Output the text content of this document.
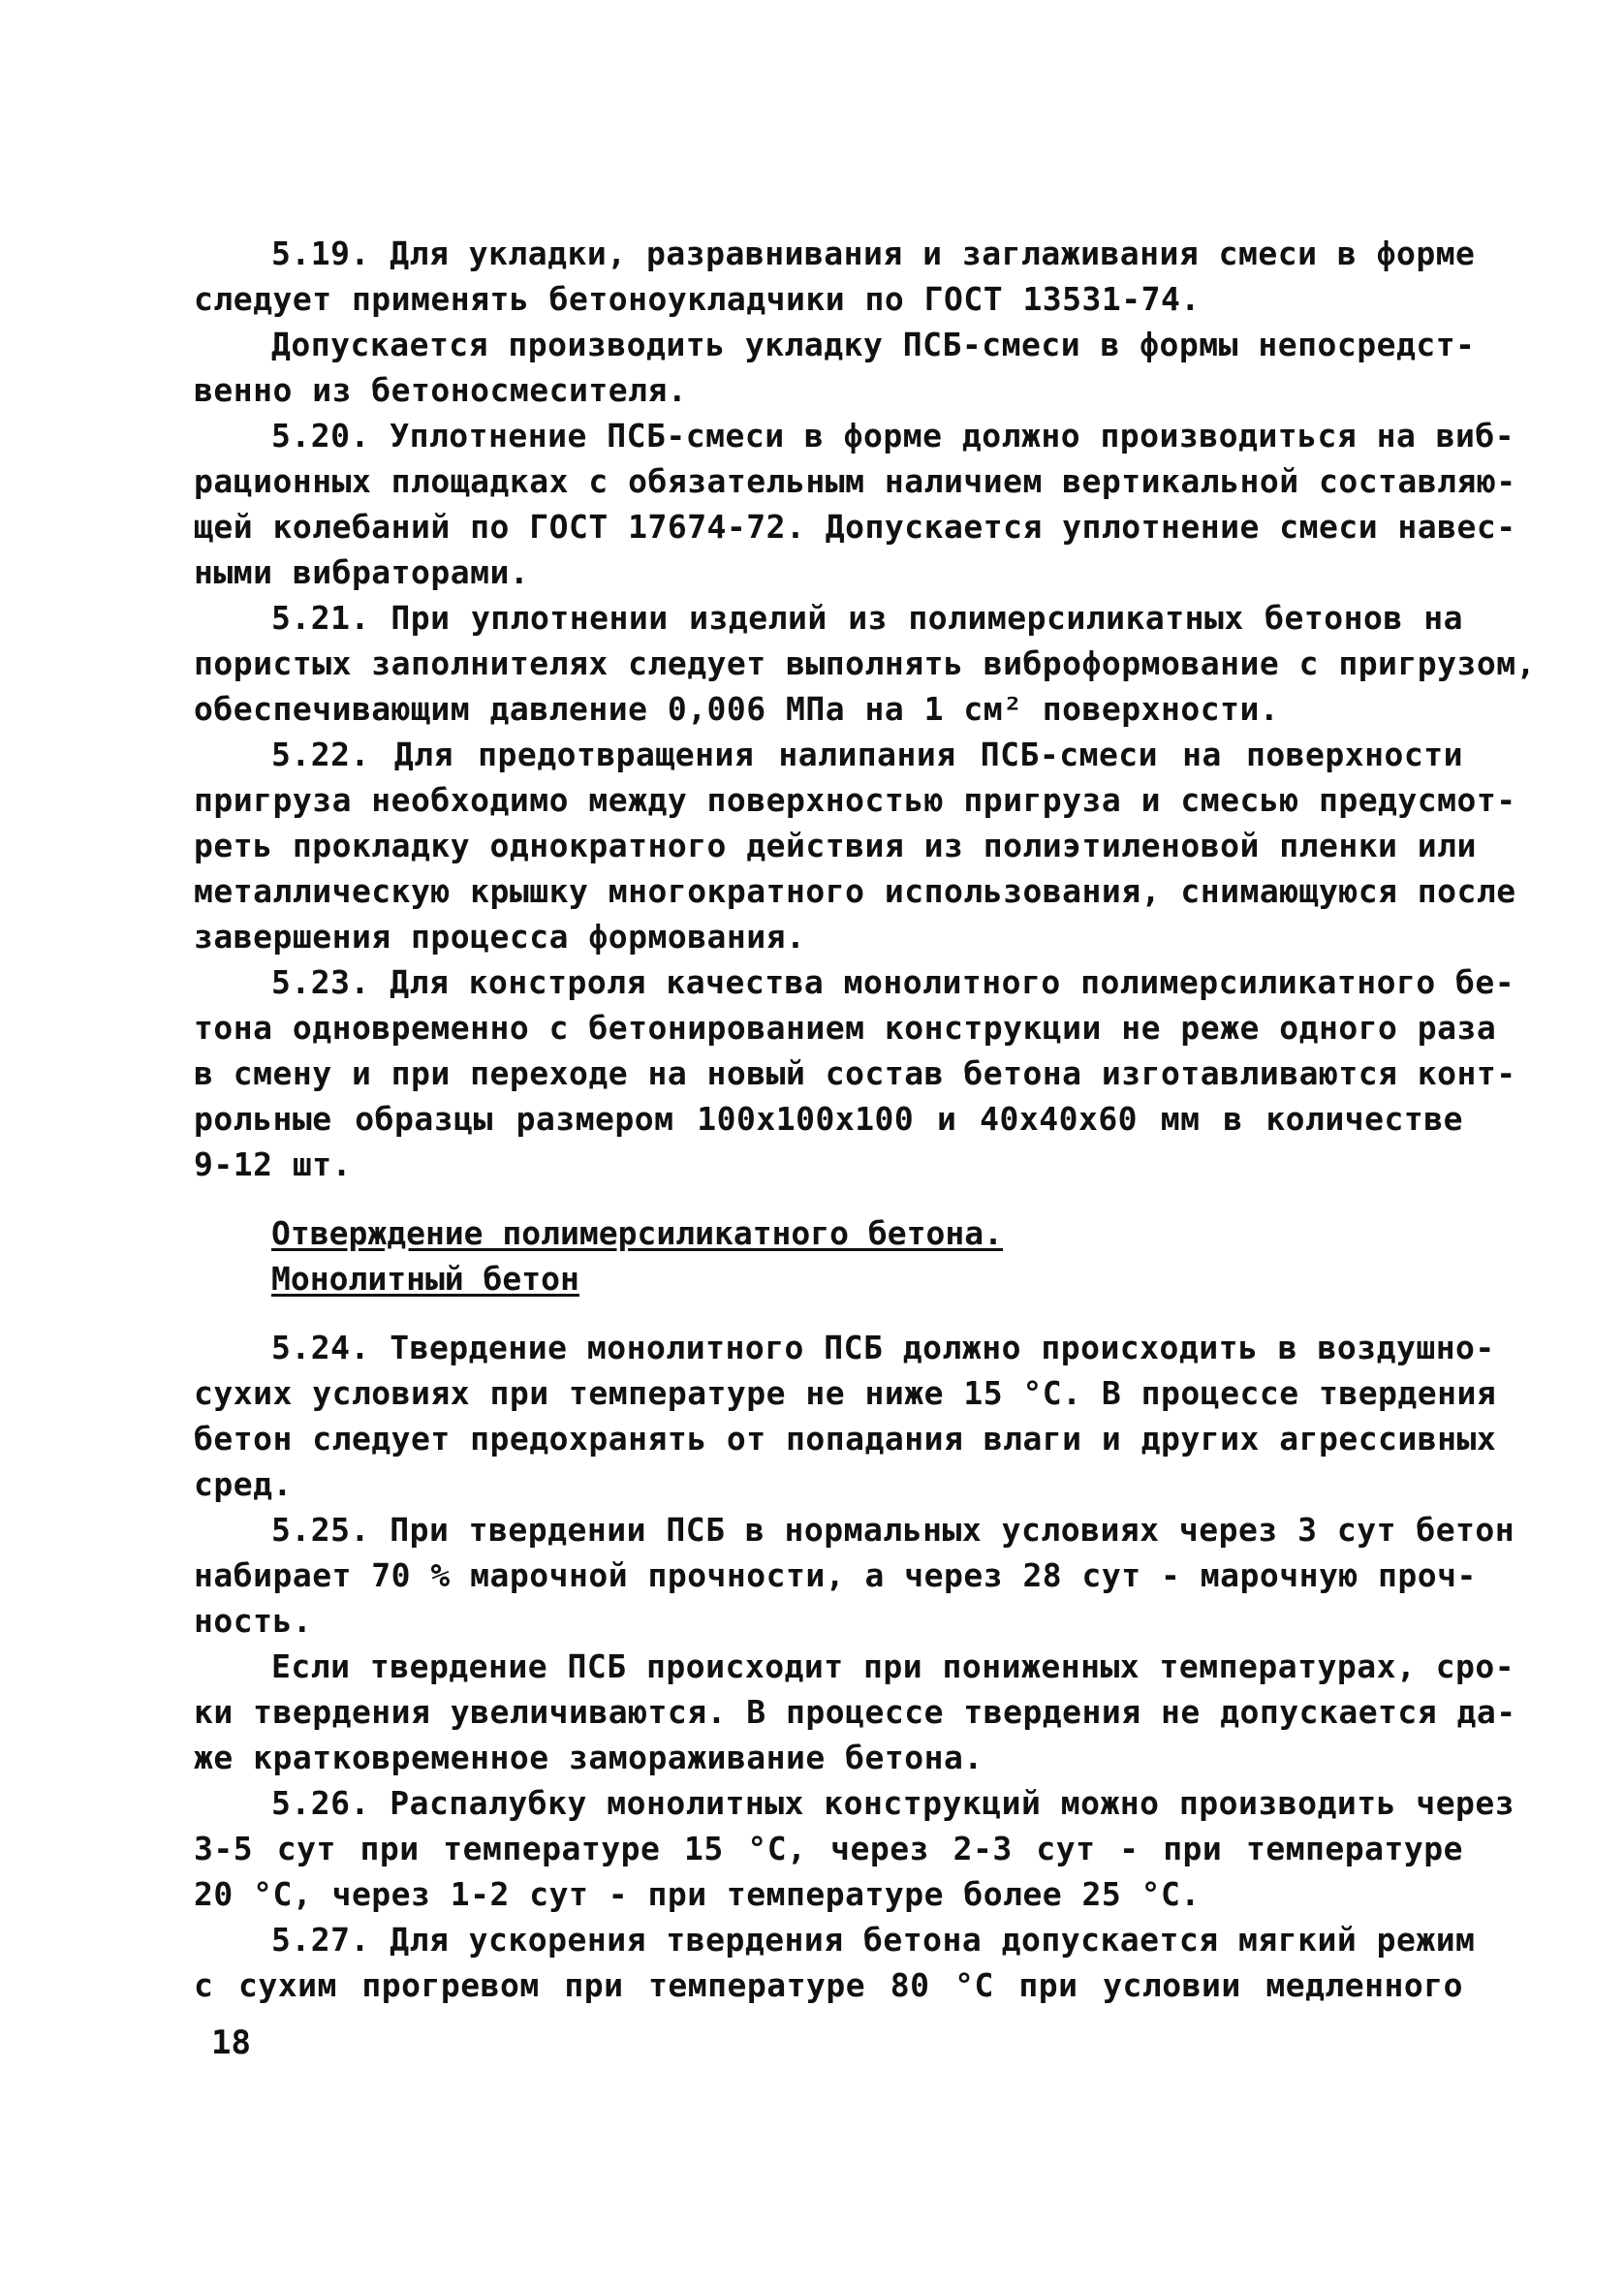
5.19. Для укладки, разравнивания и заглаживания смеси в форме
следует применять бетоноукладчики по ГОСТ 13531-74.
Допускается производить укладку ПСБ-смеси в формы непосредст-
венно из бетоносмесителя.
5.20. Уплотнение ПСБ-смеси в форме должно производиться на виб-
рационных площадках с обязательным наличием вертикальной составляю-
щей колебаний по ГОСТ 17674-72. Допускается уплотнение смеси навес-
ными вибраторами.
5.21. При уплотнении изделий из полимерсиликатных бетонов на
пористых заполнителях следует выполнять виброформование с пригрузом,
обеспечивающим давление 0,006 МПа на 1 см² поверхности.
5.22. Для предотвращения налипания ПСБ-смеси на поверхности
пригруза необходимо между поверхностью пригруза и смесью предусмот-
реть прокладку однократного действия из полиэтиленовой пленки или
металлическую крышку многократного использования, снимающуюся после
завершения процесса формования.
5.23. Для констроля качества монолитного полимерсиликатного бе-
тона одновременно с бетонированием конструкции не реже одного раза
в смену и при переходе на новый состав бетона изготавливаются конт-
рольные образцы размером 100х100х100 и 40х40х60 мм в количестве
9-12 шт.
Отверждение полимерсиликатного бетона.
Монолитный бетон
5.24. Твердение монолитного ПСБ должно происходить в воздушно-
сухих условиях при температуре не ниже 15 °С. В процессе твердения
бетон следует предохранять от попадания влаги и других агрессивных
сред.
5.25. При твердении ПСБ в нормальных условиях через 3 сут бетон
набирает 70 % марочной прочности, а через 28 сут - марочную проч-
ность.
Если твердение ПСБ происходит при пониженных температурах, сро-
ки твердения увеличиваются. В процессе твердения не допускается да-
же кратковременное замораживание бетона.
5.26. Распалубку монолитных конструкций можно производить через
3-5 сут при температуре 15 °С, через 2-3 сут - при температуре
20 °С, через 1-2 сут - при температуре более 25 °С.
5.27. Для ускорения твердения бетона допускается мягкий режим
с сухим прогревом при температуре 80 °С при условии медленного
18
